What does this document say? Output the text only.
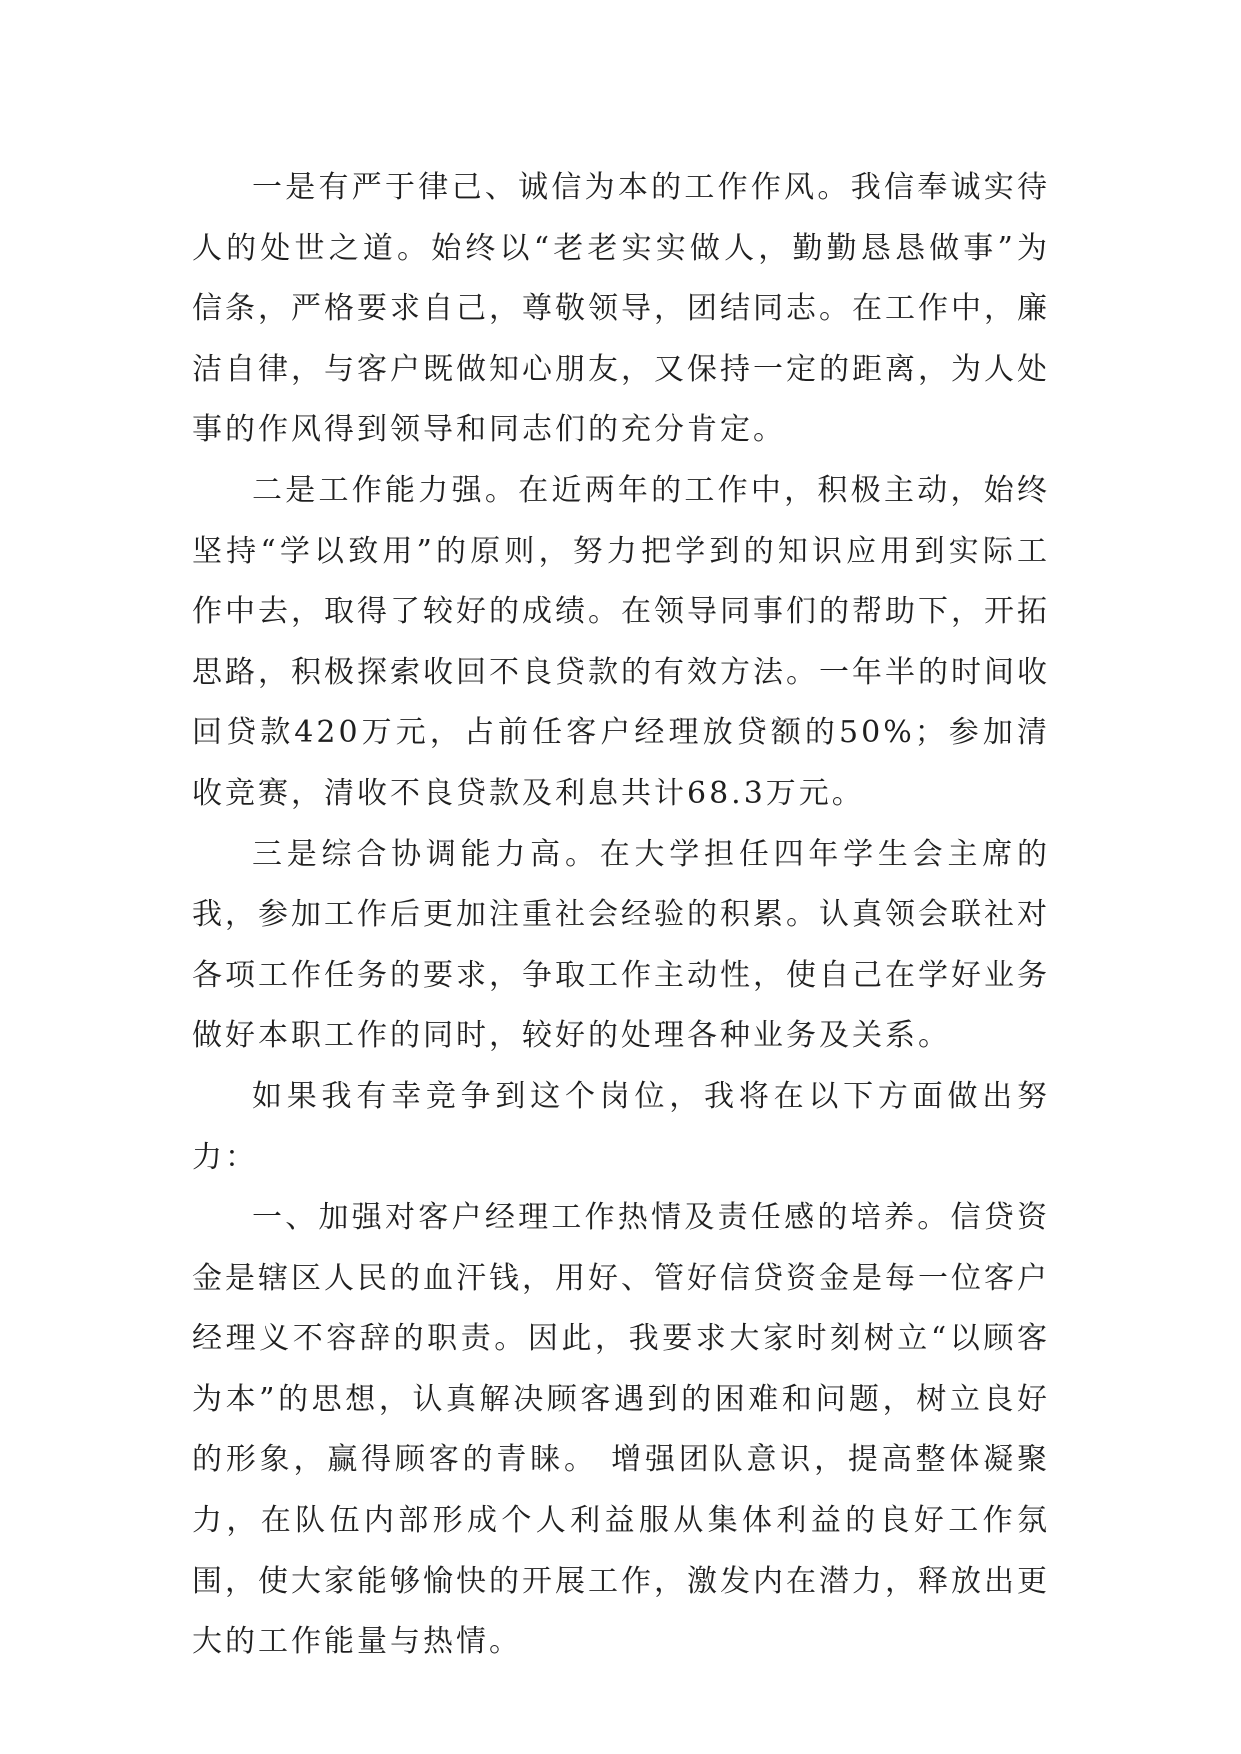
一是有严于律己、诚信为本的工作作风。我信奉诚实待人的处世之道。始终以“老老实实做人，勤勤恳恳做事”为信条，严格要求自己，尊敬领导，团结同志。在工作中，廉洁自律，与客户既做知心朋友，又保持一定的距离，为人处事的作风得到领导和同志们的充分肯定。

二是工作能力强。在近两年的工作中，积极主动，始终坚持“学以致用”的原则，努力把学到的知识应用到实际工作中去，取得了较好的成绩。在领导同事们的帮助下，开拓思路，积极探索收回不良贷款的有效方法。一年半的时间收回贷款420万元，占前任客户经理放贷额的50%；参加清收竞赛，清收不良贷款及利息共计68.3万元。

三是综合协调能力高。在大学担任四年学生会主席的我，参加工作后更加注重社会经验的积累。认真领会联社对各项工作任务的要求，争取工作主动性，使自己在学好业务做好本职工作的同时，较好的处理各种业务及关系。

如果我有幸竞争到这个岗位，我将在以下方面做出努力：

一、加强对客户经理工作热情及责任感的培养。信贷资金是辖区人民的血汗钱，用好、管好信贷资金是每一位客户经理义不容辞的职责。因此，我要求大家时刻树立“以顾客为本”的思想，认真解决顾客遇到的困难和问题，树立良好的形象，赢得顾客的青睐。 增强团队意识，提高整体凝聚力，在队伍内部形成个人利益服从集体利益的良好工作氛围，使大家能够愉快的开展工作，激发内在潜力，释放出更大的工作能量与热情。
